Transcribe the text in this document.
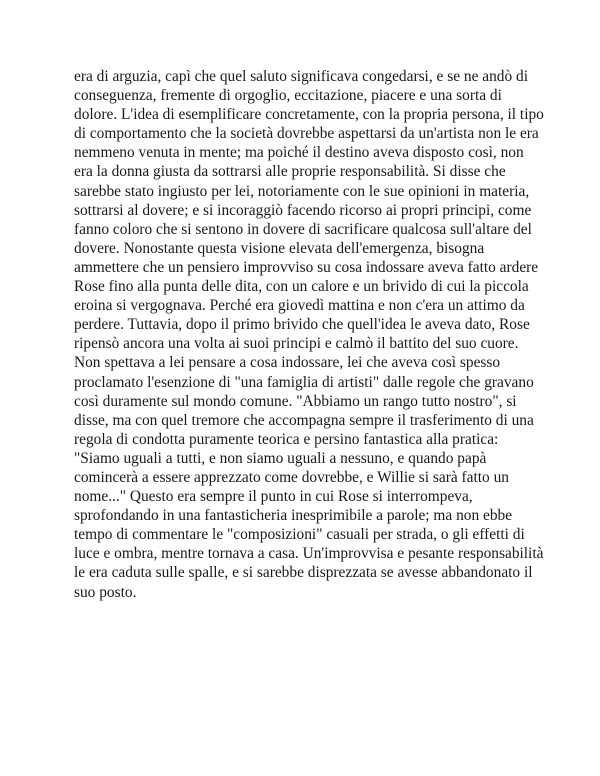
era di arguzia, capì che quel saluto significava congedarsi, e se ne andò di
conseguenza, fremente di orgoglio, eccitazione, piacere e una sorta di
dolore. L'idea di esemplificare concretamente, con la propria persona, il tipo
di comportamento che la società dovrebbe aspettarsi da un'artista non le era
nemmeno venuta in mente; ma poiché il destino aveva disposto così, non
era la donna giusta da sottrarsi alle proprie responsabilità. Si disse che
sarebbe stato ingiusto per lei, notoriamente con le sue opinioni in materia,
sottrarsi al dovere; e si incoraggiò facendo ricorso ai propri principi, come
fanno coloro che si sentono in dovere di sacrificare qualcosa sull'altare del
dovere. Nonostante questa visione elevata dell'emergenza, bisogna
ammettere che un pensiero improvviso su cosa indossare aveva fatto ardere
Rose fino alla punta delle dita, con un calore e un brivido di cui la piccola
eroina si vergognava. Perché era giovedì mattina e non c'era un attimo da
perdere. Tuttavia, dopo il primo brivido che quell'idea le aveva dato, Rose
ripensò ancora una volta ai suoi principi e calmò il battito del suo cuore.
Non spettava a lei pensare a cosa indossare, lei che aveva così spesso
proclamato l'esenzione di "una famiglia di artisti" dalle regole che gravano
così duramente sul mondo comune. "Abbiamo un rango tutto nostro", si
disse, ma con quel tremore che accompagna sempre il trasferimento di una
regola di condotta puramente teorica e persino fantastica alla pratica:
"Siamo uguali a tutti, e non siamo uguali a nessuno, e quando papà
comincerà a essere apprezzato come dovrebbe, e Willie si sarà fatto un
nome..." Questo era sempre il punto in cui Rose si interrompeva,
sprofondando in una fantasticheria inesprimibile a parole; ma non ebbe
tempo di commentare le "composizioni" casuali per strada, o gli effetti di
luce e ombra, mentre tornava a casa. Un'improvvisa e pesante responsabilità
le era caduta sulle spalle, e si sarebbe disprezzata se avesse abbandonato il
suo posto.
